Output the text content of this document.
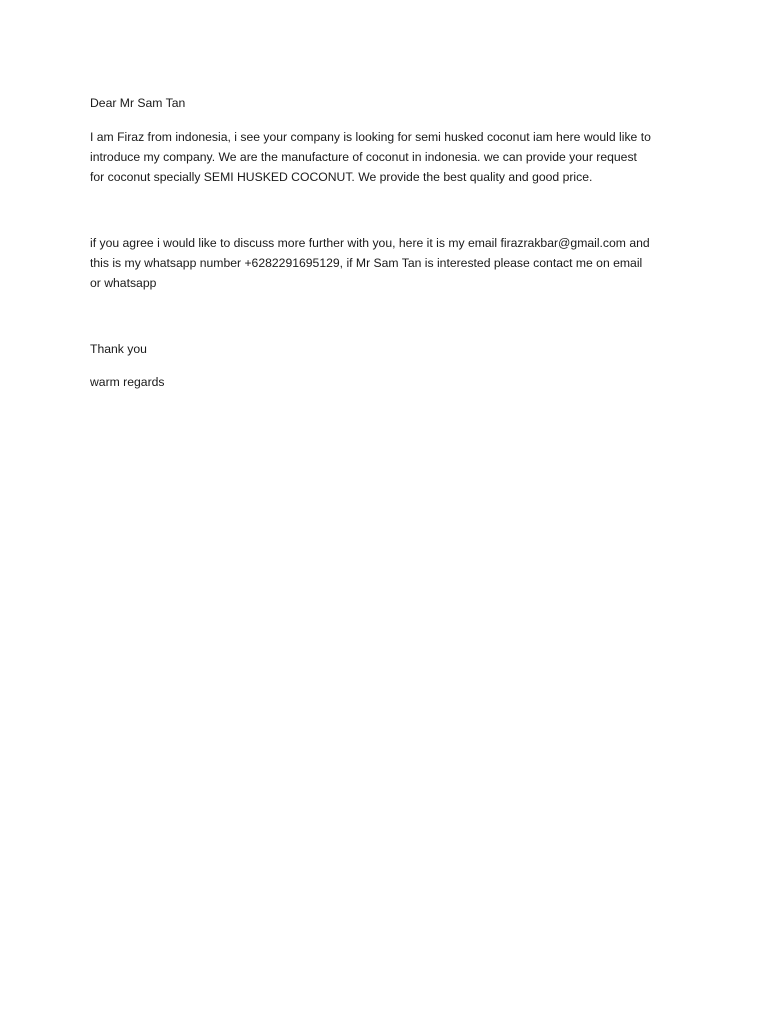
Dear Mr Sam Tan

I am Firaz from indonesia, i see your company is looking for semi husked coconut iam here would like to

introduce my company. We are the manufacture of coconut in indonesia. we can provide your request

for coconut specially SEMI HUSKED COCONUT. We provide the best quality and good price.

if you agree i would like to discuss more further with you, here it is my email firazrakbar@gmail.com and

this is my whatsapp number +6282291695129, if Mr Sam Tan is interested please contact me on email

or whatsapp

Thank you

warm regards
